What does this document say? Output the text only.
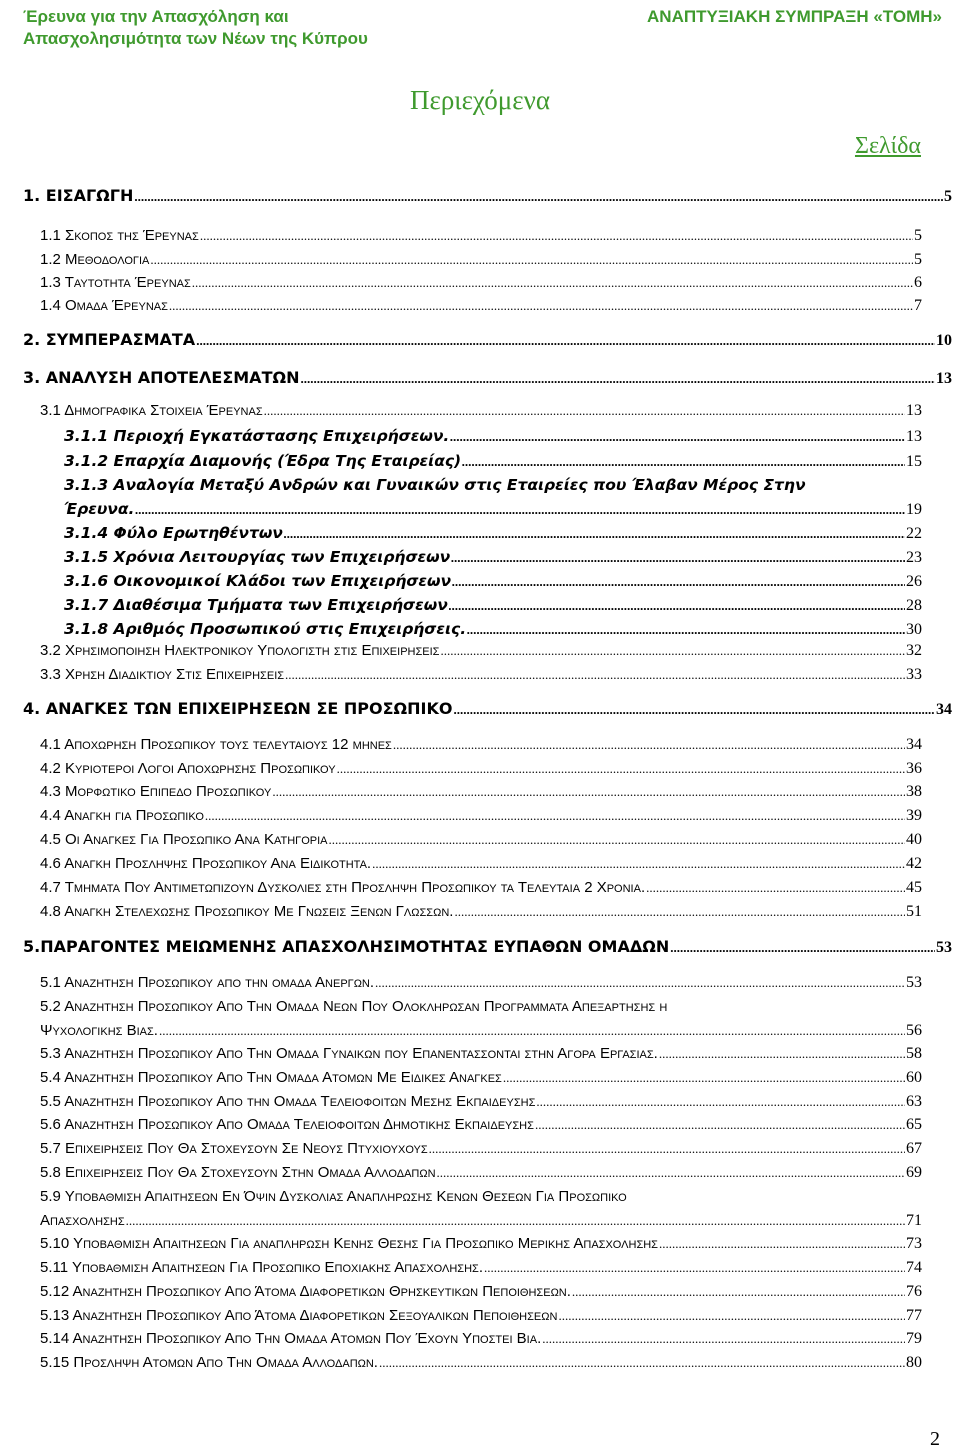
Έρευνα για την Απασχόληση και
Απασχολησιμότητα των Νέων της Κύπρου
ΑΝΑΠΤΥΞΙΑΚΗ ΣΥΜΠΡΑΞΗ «ΤΟΜΗ»
Περιεχόμενα
Σελίδα
1. ΕΙΣΑΓΩΓΗ .....	5
1.1 Σκοπος της Έρευνας .....	5
1.2 Μεθοδολογια .....	5
1.3 Ταυτοτητα Έρευνας .....	6
1.4 Ομαδα Έρευνας .....	7
2. ΣΥΜΠΕΡΑΣΜΑΤΑ .....	10
3. ΑΝΑΛΥΣΗ ΑΠΟΤΕΛΕΣΜΑΤΩΝ .....	13
3.1 Δημογραφικα Στοιχεια Έρευνας .....	13
3.1.1 Περιοχή Εγκατάστασης Επιχειρήσεων. .....	13
3.1.2 Επαρχία Διαμονής (Έδρα Της Εταιρείας) .....	15
3.1.3 Αναλογία Μεταξύ Ανδρών και Γυναικών στις Εταιρείες που Έλαβαν Μέρος Στην
Έρευνα. .....	19
3.1.4 Φύλο Ερωτηθέντων .....	22
3.1.5 Χρόνια Λειτουργίας των Επιχειρήσεων .....	23
3.1.6 Οικονομικοί Κλάδοι των Επιχειρήσεων .....	26
3.1.7 Διαθέσιμα Τμήματα των Επιχειρήσεων .....	28
3.1.8 Αριθμός Προσωπικού στις Επιχειρήσεις. .....	30
3.2 Χρησιμοποιηση Ηλεκτρονικου Υπολογιστη στις Επιχειρησεις .....	32
3.3 Χρηση Διαδικτιου Στις Επιχειρησεις .....	33
4. ΑΝΑΓΚΕΣ ΤΩΝ ΕΠΙΧΕΙΡΗΣΕΩΝ ΣΕ ΠΡΟΣΩΠΙΚΟ .....	34
4.1 Αποχωρηση Προσωπικου τους τελευταιους 12 μηνες .....	34
4.2 Κυριοτεροι Λογοι Αποχωρησης Προσωπικου .....	36
4.3 Μορφωτικο Επιπεδο Προσωπικου .....	38
4.4 Αναγκη για Προσωπικο .....	39
4.5 Οι Αναγκες Για Προσωπικο Ανα Κατηγορια .....	40
4.6 Αναγκη Προσληψης Προσωπικου Ανα Ειδικοτητα. .....	42
4.7 Τμηματα Που Αντιμετωπιζουν Δυσκολιες στη Προσληψη Προσωπικου τα Τελευταια 2 Χρονια. .....	45
4.8 Αναγκη Στελεχωσης Προσωπικου Με Γνωσεις Ξενων Γλωσσων. .....	51
5.ΠΑΡΑΓΟΝΤΕΣ ΜΕΙΩΜΕΝΗΣ ΑΠΑΣΧΟΛΗΣΙΜΟΤΗΤΑΣ ΕΥΠΑΘΩΝ ΟΜΑΔΩΝ .....	53
5.1 Αναζητηση Προσωπικου απο την ομαδα Ανεργων. .....	53
5.2 Αναζητηση Προσωπικου Απο Την Ομαδα Νεων Που Ολοκληρωσαν Προγραμματα Απεξαρτησης η
Ψυχολογικης Βιας. .....	56
5.3 Αναζητηση Προσωπικου Απο Την Ομαδα Γυναικων που Επανεντασσονται στην Αγορα Εργασιας. .....	58
5.4 Αναζητηση Προσωπικου Απο Την Ομαδα Ατομων Με Ειδικες Αναγκες .....	60
5.5 Αναζητηση Προσωπικου Απο την Ομαδα Τελειοφοιτων Μεσης Εκπαιδευσης .....	63
5.6 Αναζητηση Προσωπικου Απο Ομαδα Τελειοφοιτων Δημοτικης Εκπαιδευσης .....	65
5.7 Επιχειρησεις Που Θα Στοχευσουν Σε Νεους Πτυχιουχους .....	67
5.8 Επιχειρησεις Που Θα Στοχευσουν Στην Ομαδα Αλλοδαπων .....	69
5.9 Υποβαθμιση Απαιτησεων Εν Όψιν Δυσκολιας Αναπληρωσης Κενων Θεσεων Για Προσωπικο
Απασχολησης .....	71
5.10 Υποβαθμιση Απαιτησεων Για αναπληρωση Κενης Θεσης Για Προσωπικο Μερικης Απασχολησης .....	73
5.11 Υποβαθμιση Απαιτησεων Για Προσωπικο Εποχιακης Απασχολησης. .....	74
5.12 Αναζητηση Προσωπικου Απο Άτομα Διαφορετικων Θρησκευτικων Πεποιθησεων. .....	76
5.13 Αναζητηση Προσωπικου Απο Άτομα Διαφορετικων Σεξουαλικων Πεποιθησεων .....	77
5.14 Αναζητηση Προσωπικου Απο Την Ομαδα Ατομων Που Έχουν Υποστει Βια. .....	79
5.15 Προσληψη Ατομων Απο Την Ομαδα Αλλοδαπων. .....	80
2
